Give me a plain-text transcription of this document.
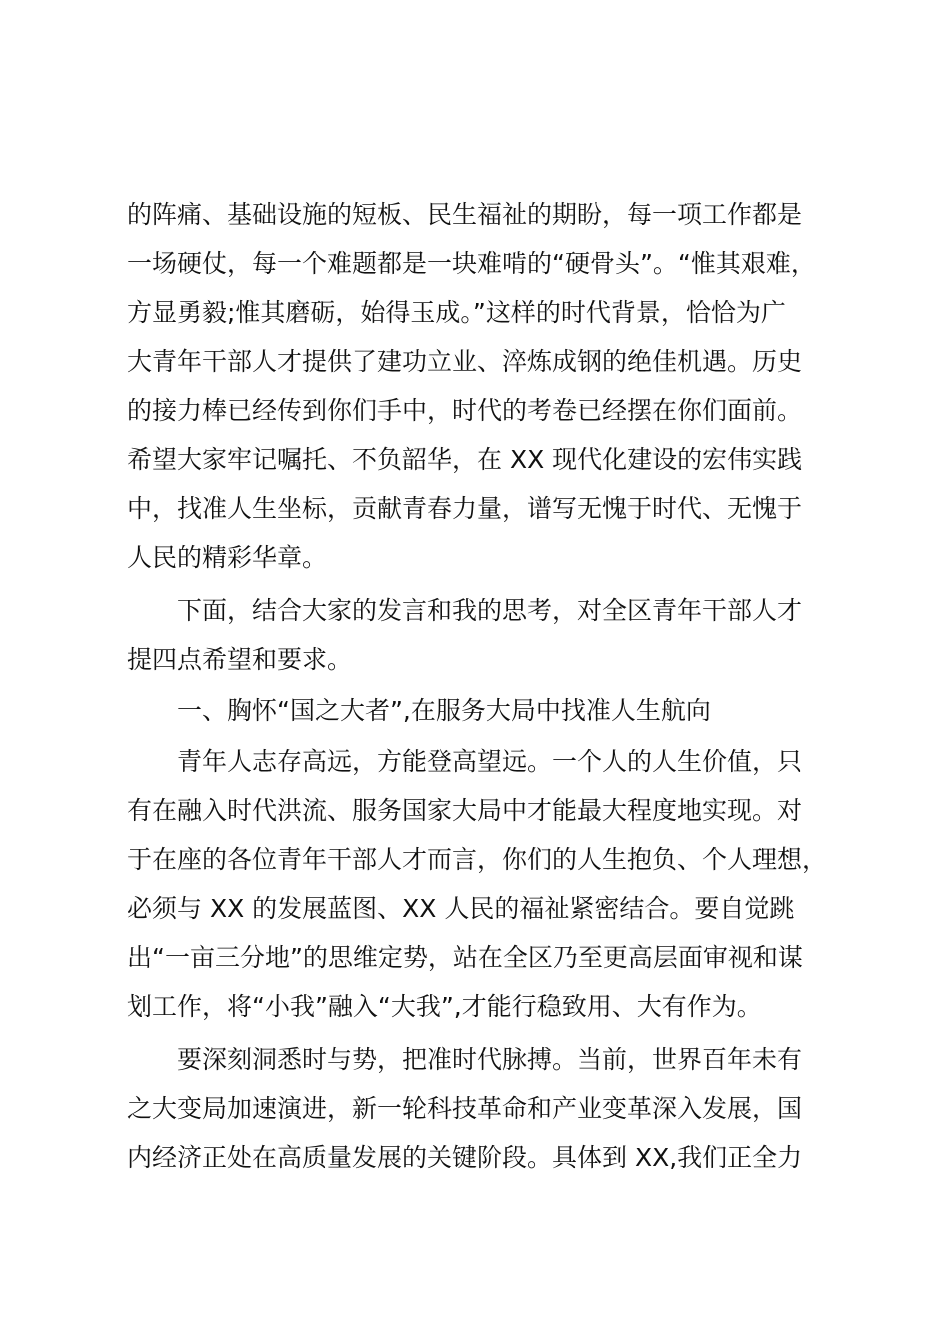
的阵痛、基础设施的短板、民生福祉的期盼，每一项工作都是
一场硬仗，每一个难题都是一块难啃的“硬骨头”。“惟其艰难，
方显勇毅;惟其磨砺，始得玉成。”这样的时代背景，恰恰为广
大青年干部人才提供了建功立业、淬炼成钢的绝佳机遇。历史
的接力棒已经传到你们手中，时代的考卷已经摆在你们面前。
希望大家牢记嘱托、不负韶华，在 XX 现代化建设的宏伟实践
中，找准人生坐标，贡献青春力量，谱写无愧于时代、无愧于
人民的精彩华章。
　　下面，结合大家的发言和我的思考，对全区青年干部人才
提四点希望和要求。
　　一、胸怀“国之大者”,在服务大局中找准人生航向
　　青年人志存高远，方能登高望远。一个人的人生价值，只
有在融入时代洪流、服务国家大局中才能最大程度地实现。对
于在座的各位青年干部人才而言，你们的人生抱负、个人理想，
必须与 XX 的发展蓝图、XX 人民的福祉紧密结合。要自觉跳
出“一亩三分地”的思维定势，站在全区乃至更高层面审视和谋
划工作，将“小我”融入“大我”,才能行稳致用、大有作为。
　　要深刻洞悉时与势，把准时代脉搏。当前，世界百年未有
之大变局加速演进，新一轮科技革命和产业变革深入发展，国
内经济正处在高质量发展的关键阶段。具体到 XX,我们正全力
